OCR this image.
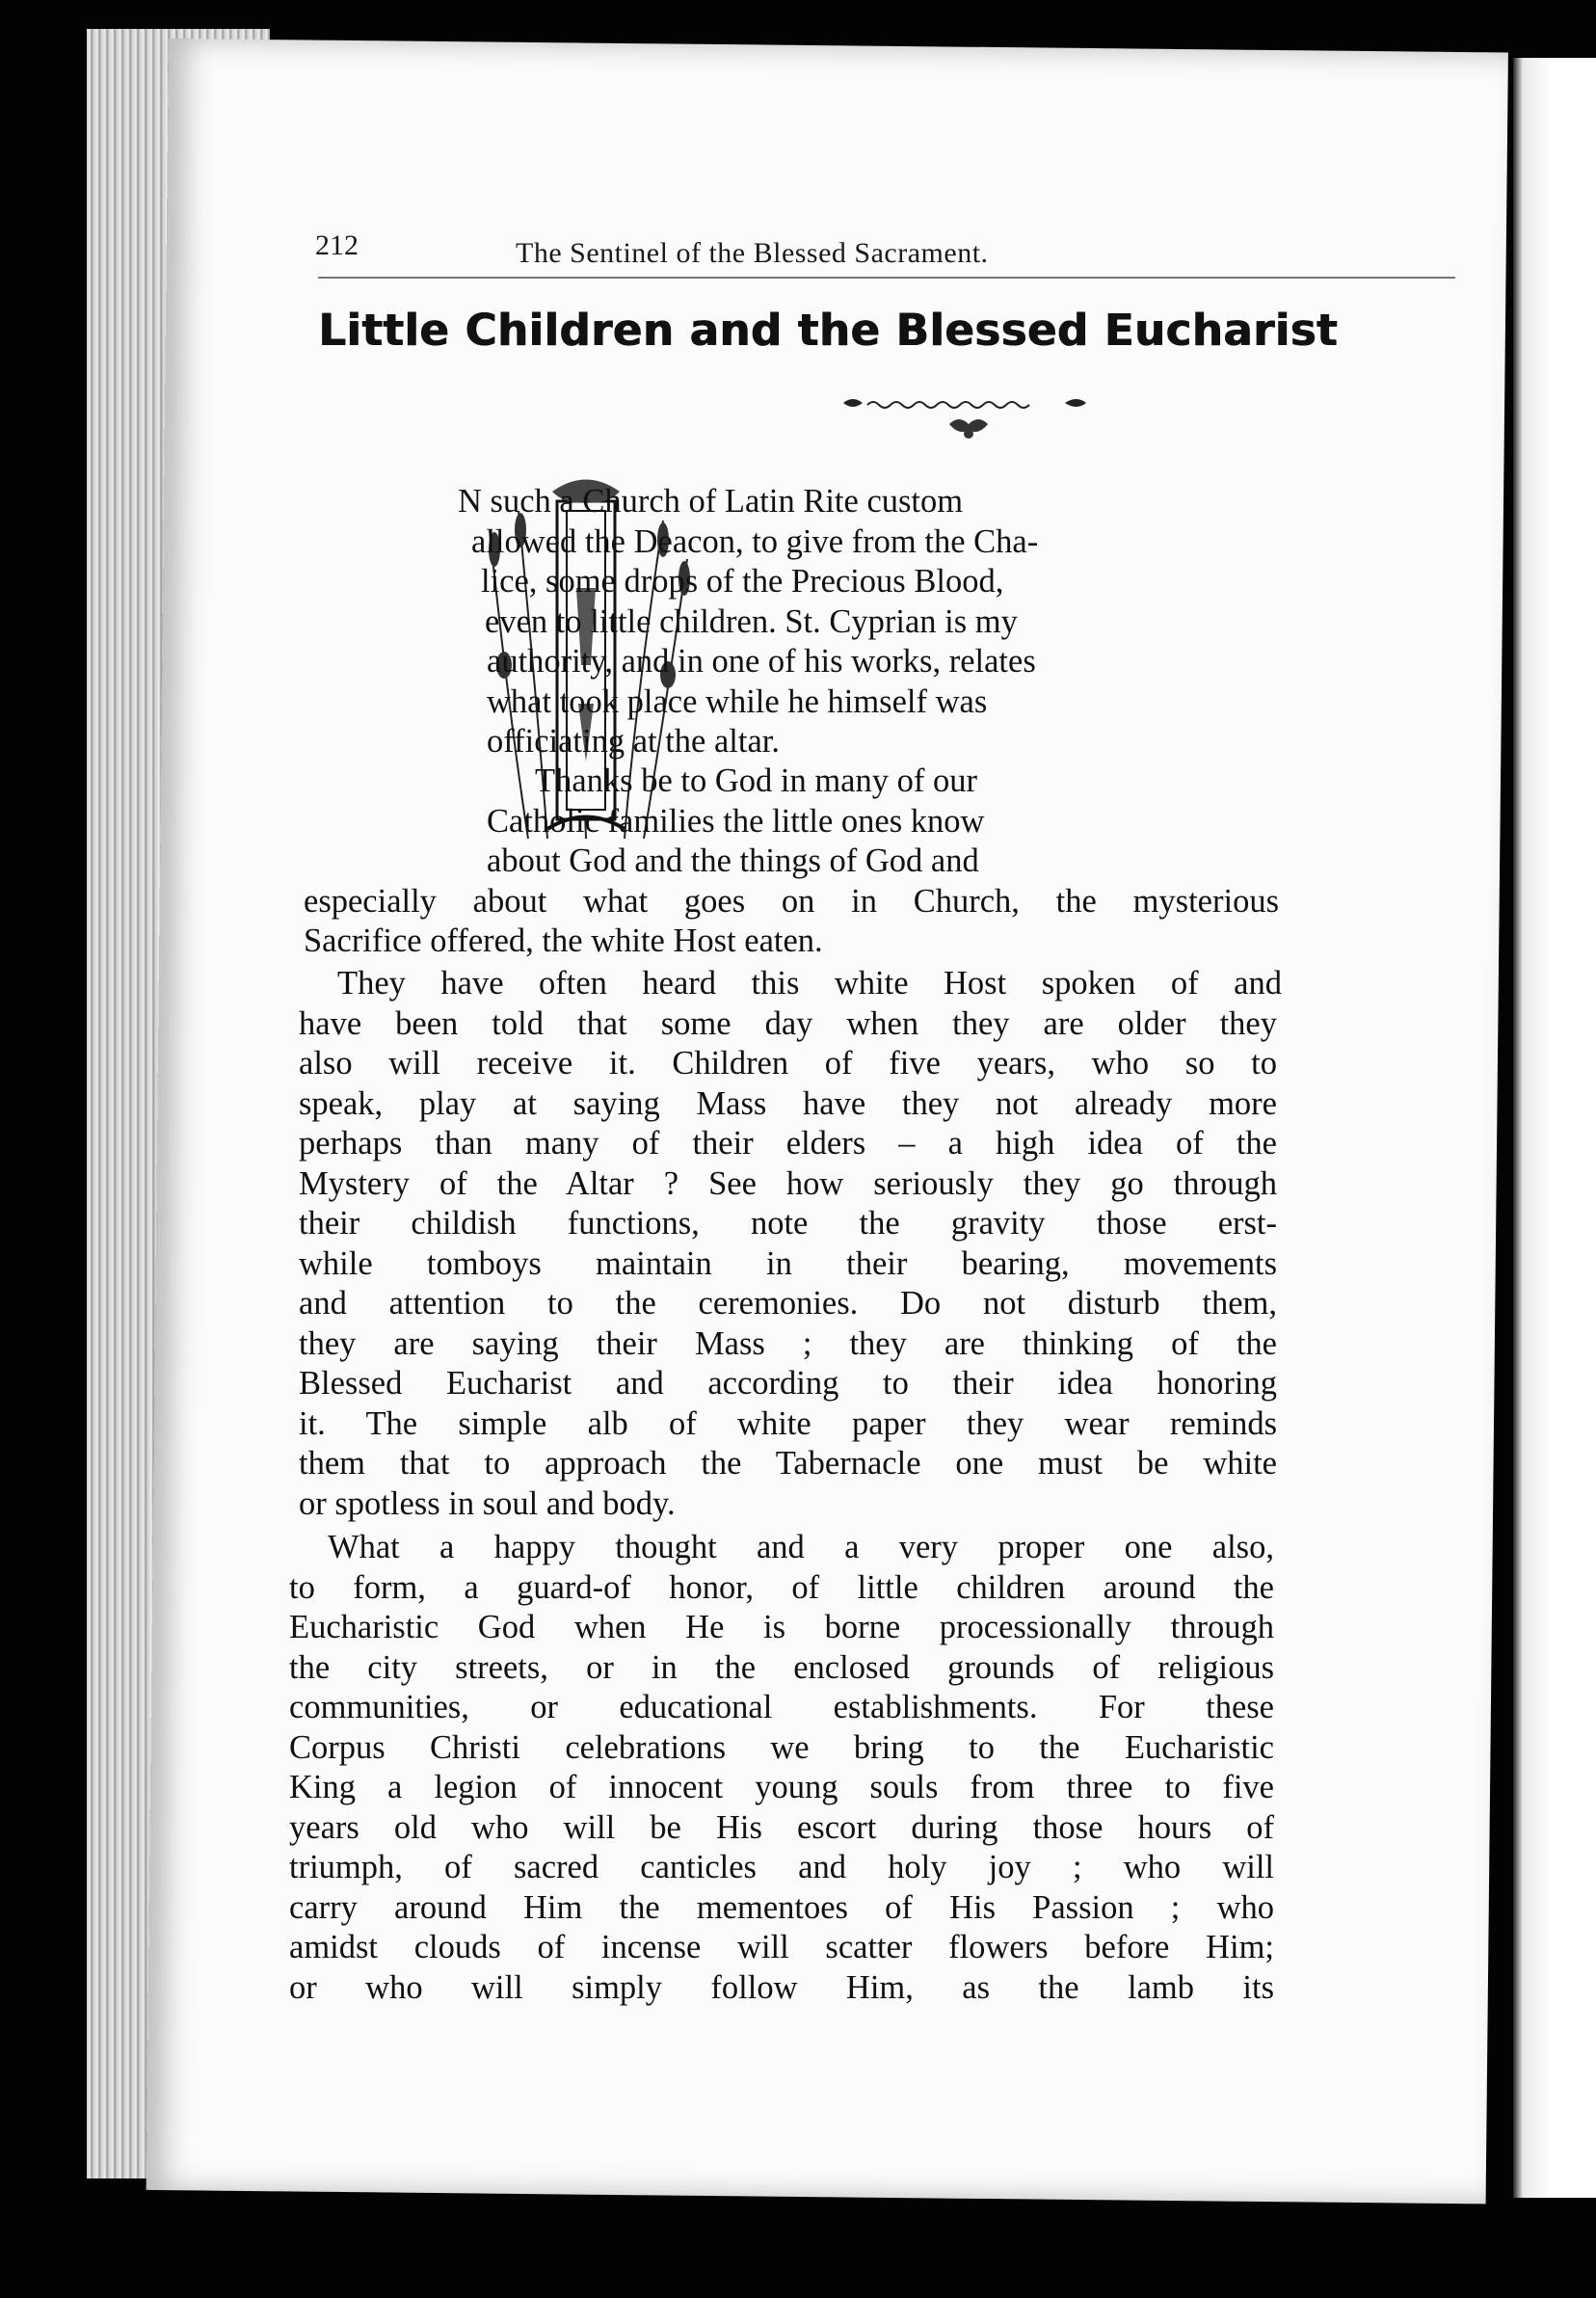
212	The Sentinel of the Blessed Sacrament.
Little Children and the Blessed Eucharist
N such a Church of Latin Rite custom
allowed the Deacon, to give from the Cha-
lice, some drops of the Precious Blood,
even to little children. St. Cyprian is my
authority, and in one of his works, relates
what took place while he himself was
officiating at the altar.
Thanks be to God in many of our
Catholic families the little ones know
about God and the things of God and
especially about what goes on in Church, the mysterious
Sacrifice offered, the white Host eaten.
They have often heard this white Host spoken of and
have been told that some day when they are older they
also will receive it. Children of five years, who so to
speak, play at saying Mass have they not already more
perhaps than many of their elders – a high idea of the
Mystery of the Altar ? See how seriously they go through
their childish functions, note the gravity those erst-
while tomboys maintain in their bearing, movements
and attention to the ceremonies. Do not disturb them,
they are saying their Mass ; they are thinking of the
Blessed Eucharist and according to their idea honoring
it. The simple alb of white paper they wear reminds
them that to approach the Tabernacle one must be white
or spotless in soul and body.
What a happy thought and a very proper one also,
to form, a guard-of honor, of little children around the
Eucharistic God when He is borne processionally through
the city streets, or in the enclosed grounds of religious
communities, or educational establishments. For these
Corpus Christi celebrations we bring to the Eucharistic
King a legion of innocent young souls from three to five
years old who will be His escort during those hours of
triumph, of sacred canticles and holy joy ; who will
carry around Him the mementoes of His Passion ; who
amidst clouds of incense will scatter flowers before Him;
or who will simply follow Him, as the lamb its
